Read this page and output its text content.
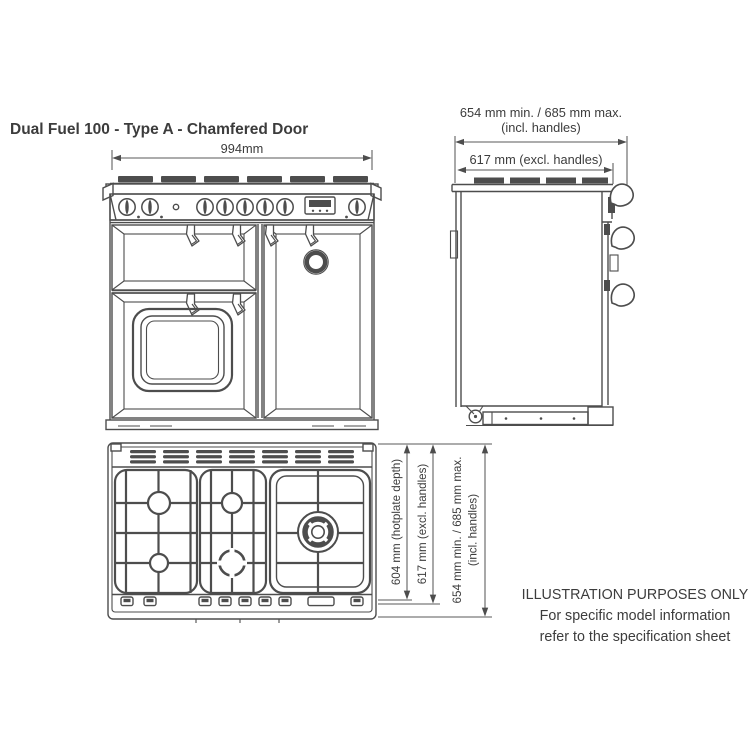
Dual Fuel 100 - Type A - Chamfered Door
994mm
654 mm min. / 685 mm max.
(incl. handles)
617 mm (excl. handles)
604 mm (hotplate depth) 617 mm (excl. handles) 654 mm min. / 685 mm max. (incl. handles)
ILLUSTRATION PURPOSES ONLY
For specific model information
refer to the specification sheet
